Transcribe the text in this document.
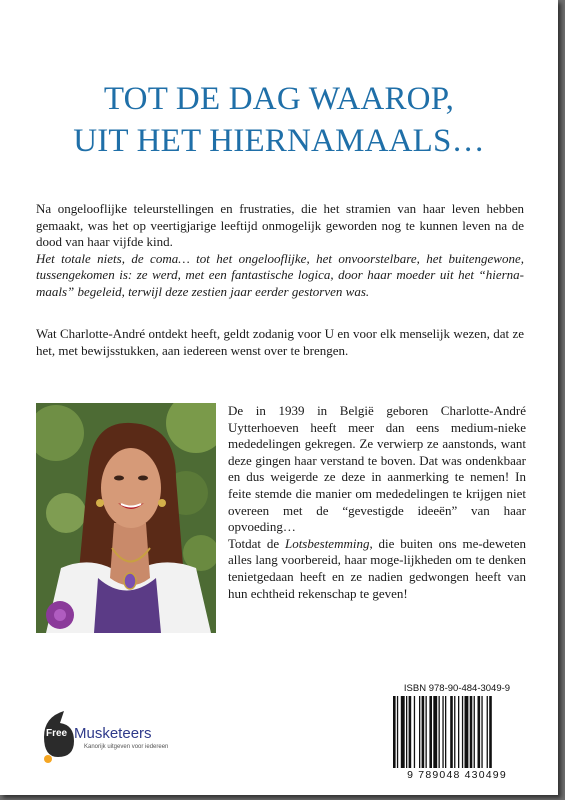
TOT DE DAG WAAROP,
UIT HET HIERNAMAALS…

Na ongelooflijke teleurstellingen en frustraties, die het stramien van haar leven hebben gemaakt, was het op veertigjarige leeftijd onmogelijk geworden nog te kunnen leven na de dood van haar vijfde kind.

Het totale niets, de coma… tot het ongelooflijke, het onvoorstelbare, het buitengewone, tussengekomen is: ze werd, met een fantastische logica, door haar moeder uit het “hierna-maals” begeleid, terwijl deze zestien jaar eerder gestorven was.

Wat Charlotte-André ontdekt heeft, geldt zodanig voor U en voor elk menselijk wezen, dat ze het, met bewijsstukken, aan iedereen wenst over te brengen.

De in 1939 in België geboren Charlotte-André Uytterhoeven heeft meer dan eens medium-nieke mededelingen gekregen. Ze verwierp ze aanstonds, want deze gingen haar verstand te boven. Dat was ondenkbaar en dus weigerde ze deze in aanmerking te nemen! In feite stemde die manier om mededelingen te krijgen niet overeen met de “gevestigde ideeën” van haar opvoeding…

Totdat de Lotsbestemming, die buiten ons me-deweten alles lang voorbereid, haar moge-lijkheden om te denken tenietgedaan heeft en ze nadien gedwongen heeft van hun echtheid rekenschap te geven!

Free Musketeers
Kanorijk uitgeven voor iedereen
ISBN 978-90-484-3049-9
9 789048 430499
